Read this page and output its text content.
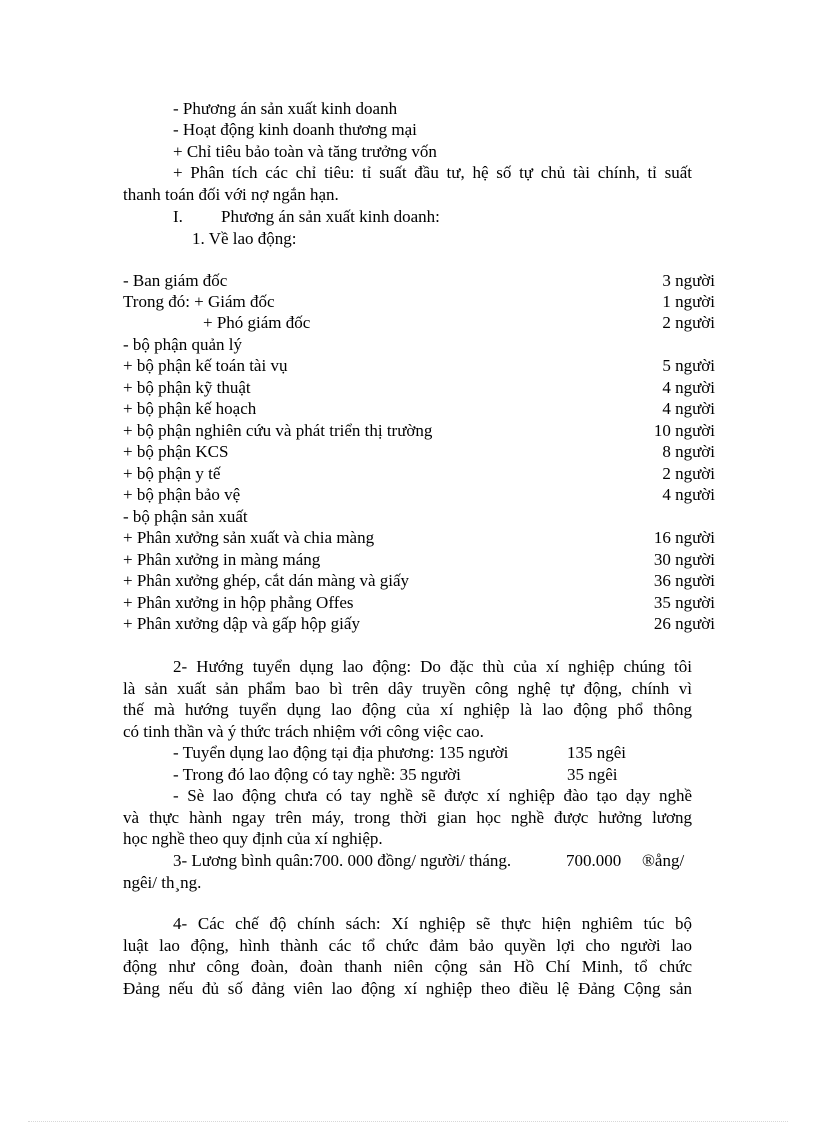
- Phương án sản xuất kinh doanh
- Hoạt động kinh doanh thương mại
+ Chỉ tiêu bảo toàn và tăng trưởng vốn

+ Phân tích các chỉ tiêu: tỉ suất đầu tư, hệ số tự chủ tài chính, tỉ suất

thanh toán đối với nợ ngắn hạn.

I. Phương án sản xuất kinh doanh:
1. Về lao động:
- Ban giám đốc	3 người
Trong đó: + Giám đốc	1 người
+ Phó giám đốc	2 người
- bộ phận quản lý
+ bộ phận kế toán tài vụ	5 người
+ bộ phận kỹ thuật	4 người
+ bộ phận kế hoạch	4 người
+ bộ phận nghiên cứu và phát triển thị trường	10 người
+ bộ phận KCS	8 người
+ bộ phận y tế	2 người
+ bộ phận bảo vệ	4 người
- bộ phận sản xuất
+ Phân xưởng sản xuất và chia màng	16 người
+ Phân xưởng in màng máng	30 người
+ Phân xưởng ghép, cắt dán màng và giấy	36 người
+ Phân xưởng in hộp phẳng Offes	35 người
+ Phân xưởng dập và gấp hộp giấy	26 người

2- Hướng tuyển dụng lao động: Do đặc thù của xí nghiệp chúng tôi

là sản xuất sản phẩm bao bì trên dây truyền công nghệ tự động, chính vì

thế mà hướng tuyển dụng lao động của xí nghiệp là lao động phổ thông

có tinh thần và ý thức trách nhiệm với công việc cao.

- Tuyển dụng lao động tại địa phương: 135 người	135 ngêi
- Trong đó lao động có tay nghề: 35 người	35 ngêi

- Sè lao động chưa có tay nghề sẽ được xí nghiệp đào tạo dạy nghề

và thực hành ngay trên máy, trong thời gian học nghề được hưởng lương

học nghề theo quy định của xí nghiệp.

3- Lương bình quân:700. 000 đồng/ người/ tháng.	700.000 ®ång/
ngêi/ th¸ng.

4- Các chế độ chính sách: Xí nghiệp sẽ thực hiện nghiêm túc bộ

luật lao động, hình thành các tổ chức đảm bảo quyền lợi cho người lao

động như công đoàn, đoàn thanh niên cộng sản Hồ Chí Minh, tổ chức

Đảng nếu đủ số đảng viên lao động xí nghiệp theo điều lệ Đảng Cộng sản
